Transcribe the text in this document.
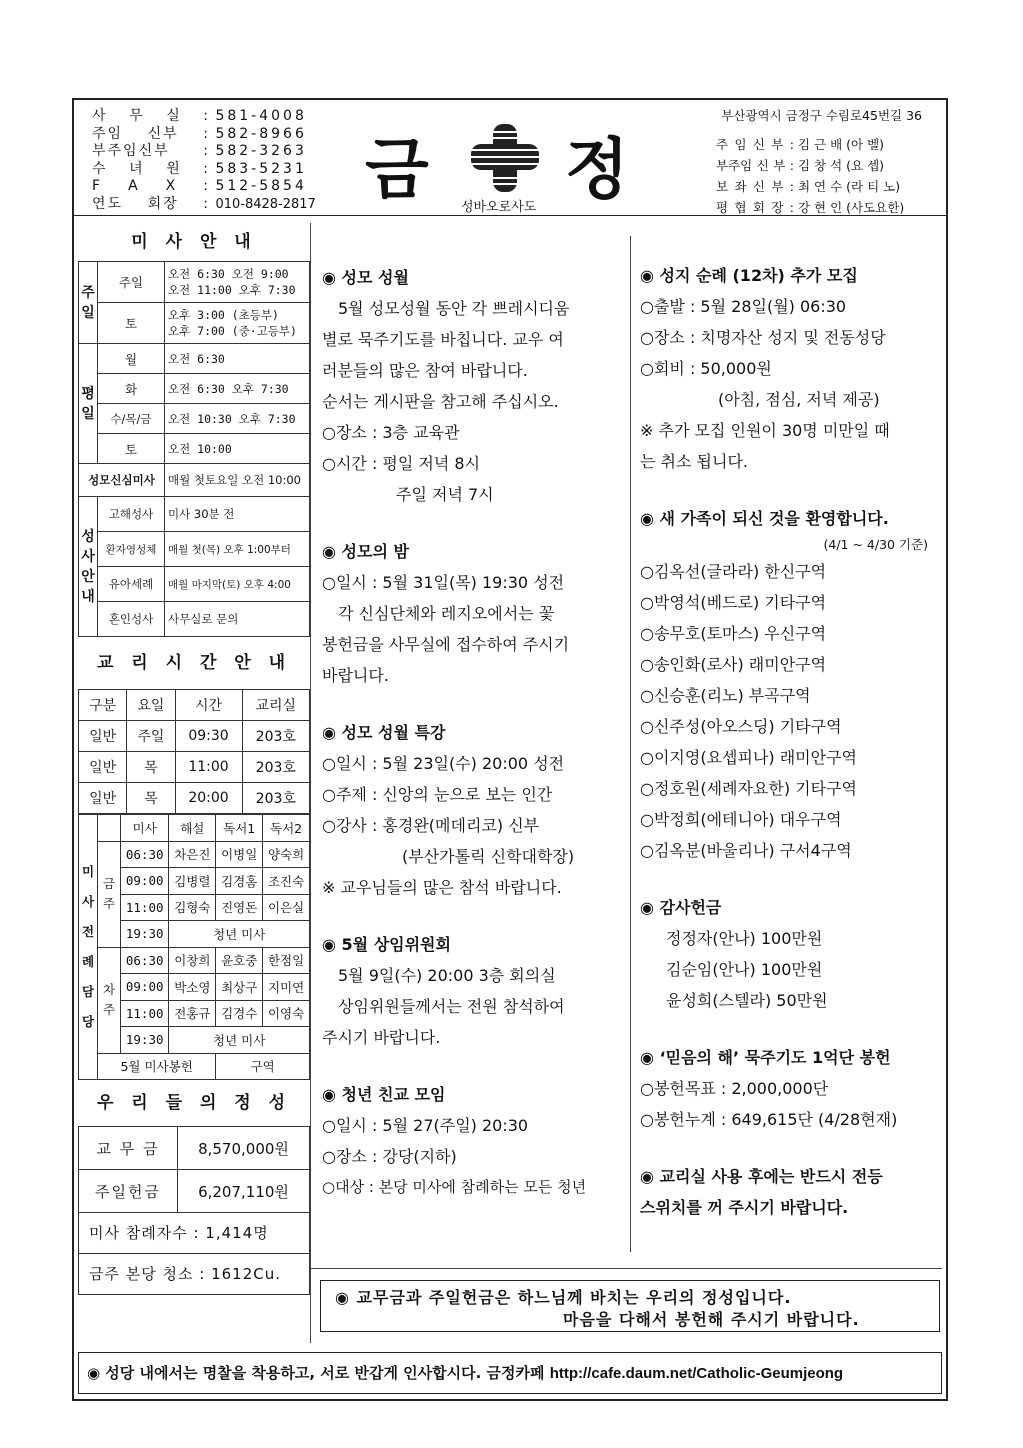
사 무 실 : 581-4008
주임 신부 : 582-8966
부주임신부 : 582-3263
수 녀 원 : 583-5231
F A X : 512-5854
연도 회장 : 010-8428-2817 금 정
성바오로사도
부산광역시 금정구 수림로45번길 36
주 임 신 부 : 김 근 배 (아 벨)
부주임 신 부 : 김 창 석 (요 셉)
보 좌 신 부 : 최 연 수 (라 티 노)
평 협 회 장 : 강 현 인 (사도요한)
미 사 안 내
주일	주일	오전 6:30 오전 9:00
오전 11:00 오후 7:30

	토	오후 3:00 (초등부)
오후 7:00 (중·고등부)

평일	월	오전 6:30
	화	오전 6:30 오후 7:30
	수/목/금	오전 10:30 오후 7:30
	토	오전 10:00
성모신심미사		매월 첫토요일 오전 10:00
성사안내	고해성사	미사 30분 전
	환자영성체	매월 첫(목) 오후 1:00부터
	유아세례	매월 마지막(토) 오후 4:00
	혼인성사	사무실로 문의
교 리 시 간 안 내
구분	요일	시간	교리실
일반	주일	09:30	203호
일반	목	11:00	203호
일반	목	20:00	203호
미사전례담당		미사	해설	독서1	독서2
	금주	06:30	차은진	이병일	양숙희
		09:00	김병렬	김경홈	조진숙
		11:00	김형숙	진영돈	이은실
		19:30	청년 미사		
	차주	06:30	이창희	윤호중	한점일
		09:00	박소영	최상구	지미연
		11:00	전홍규	김경수	이영숙
		19:30	청년 미사		
	5월 미사봉헌			구역	
우 리 들 의 정 성
교 무 금	8,570,000원
주일헌금	6,207,110원
미사 참례자수 : 1,414명
금주 본당 청소 : 1612Cu.

◉ 성모 성월

5월 성모성월 동안 각 쁘레시디움

별로 묵주기도를 바칩니다. 교우 여

러분들의 많은 참여 바랍니다.

순서는 게시판을 참고해 주십시오.

○장소 : 3층 교육관

○시간 : 평일 저녁 8시

주일 저녁 7시

◉ 성모의 밤

○일시 : 5월 31일(목) 19:30 성전

각 신심단체와 레지오에서는 꽃

봉헌금을 사무실에 접수하여 주시기

바랍니다.

◉ 성모 성월 특강

○일시 : 5월 23일(수) 20:00 성전

○주제 : 신앙의 눈으로 보는 인간

○강사 : 홍경완(메데리코) 신부

(부산가톨릭 신학대학장)

※ 교우님들의 많은 참석 바랍니다.

◉ 5월 상임위원회

5월 9일(수) 20:00 3층 회의실

상임위원들께서는 전원 참석하여

주시기 바랍니다.

◉ 청년 친교 모임

○일시 : 5월 27(주일) 20:30

○장소 : 강당(지하)

○대상 : 본당 미사에 참례하는 모든 청년

◉ 성지 순례 (12차) 추가 모집

○출발 : 5월 28일(월) 06:30

○장소 : 치명자산 성지 및 전동성당

○회비 : 50,000원

(아침, 점심, 저녁 제공)

※ 추가 모집 인원이 30명 미만일 때

는 취소 됩니다.

◉ 새 가족이 되신 것을 환영합니다.

(4/1 ~ 4/30 기준)

○김옥선(글라라) 한신구역

○박영석(베드로) 기타구역

○송무호(토마스) 우신구역

○송인화(로사) 래미안구역

○신승훈(리노) 부곡구역

○신주성(아오스딩) 기타구역

○이지영(요셉피나) 래미안구역

○정호원(세례자요한) 기타구역

○박정희(에테니아) 대우구역

○김옥분(바울리나) 구서4구역

◉ 감사헌금

정정자(안나) 100만원

김순임(안나) 100만원

윤성희(스텔라) 50만원

◉ ‘믿음의 해’ 묵주기도 1억단 봉헌

○봉헌목표 : 2,000,000단

○봉헌누계 : 649,615단 (4/28현재)

◉ 교리실 사용 후에는 반드시 전등

스위치를 꺼 주시기 바랍니다.

◉ 교무금과 주일헌금은 하느님께 바치는 우리의 정성입니다.
마음을 다해서 봉헌해 주시기 바랍니다.
◉ 성당 내에서는 명찰을 착용하고, 서로 반갑게 인사합시다. 금정카페 http://cafe.daum.net/Catholic-Geumjeong
